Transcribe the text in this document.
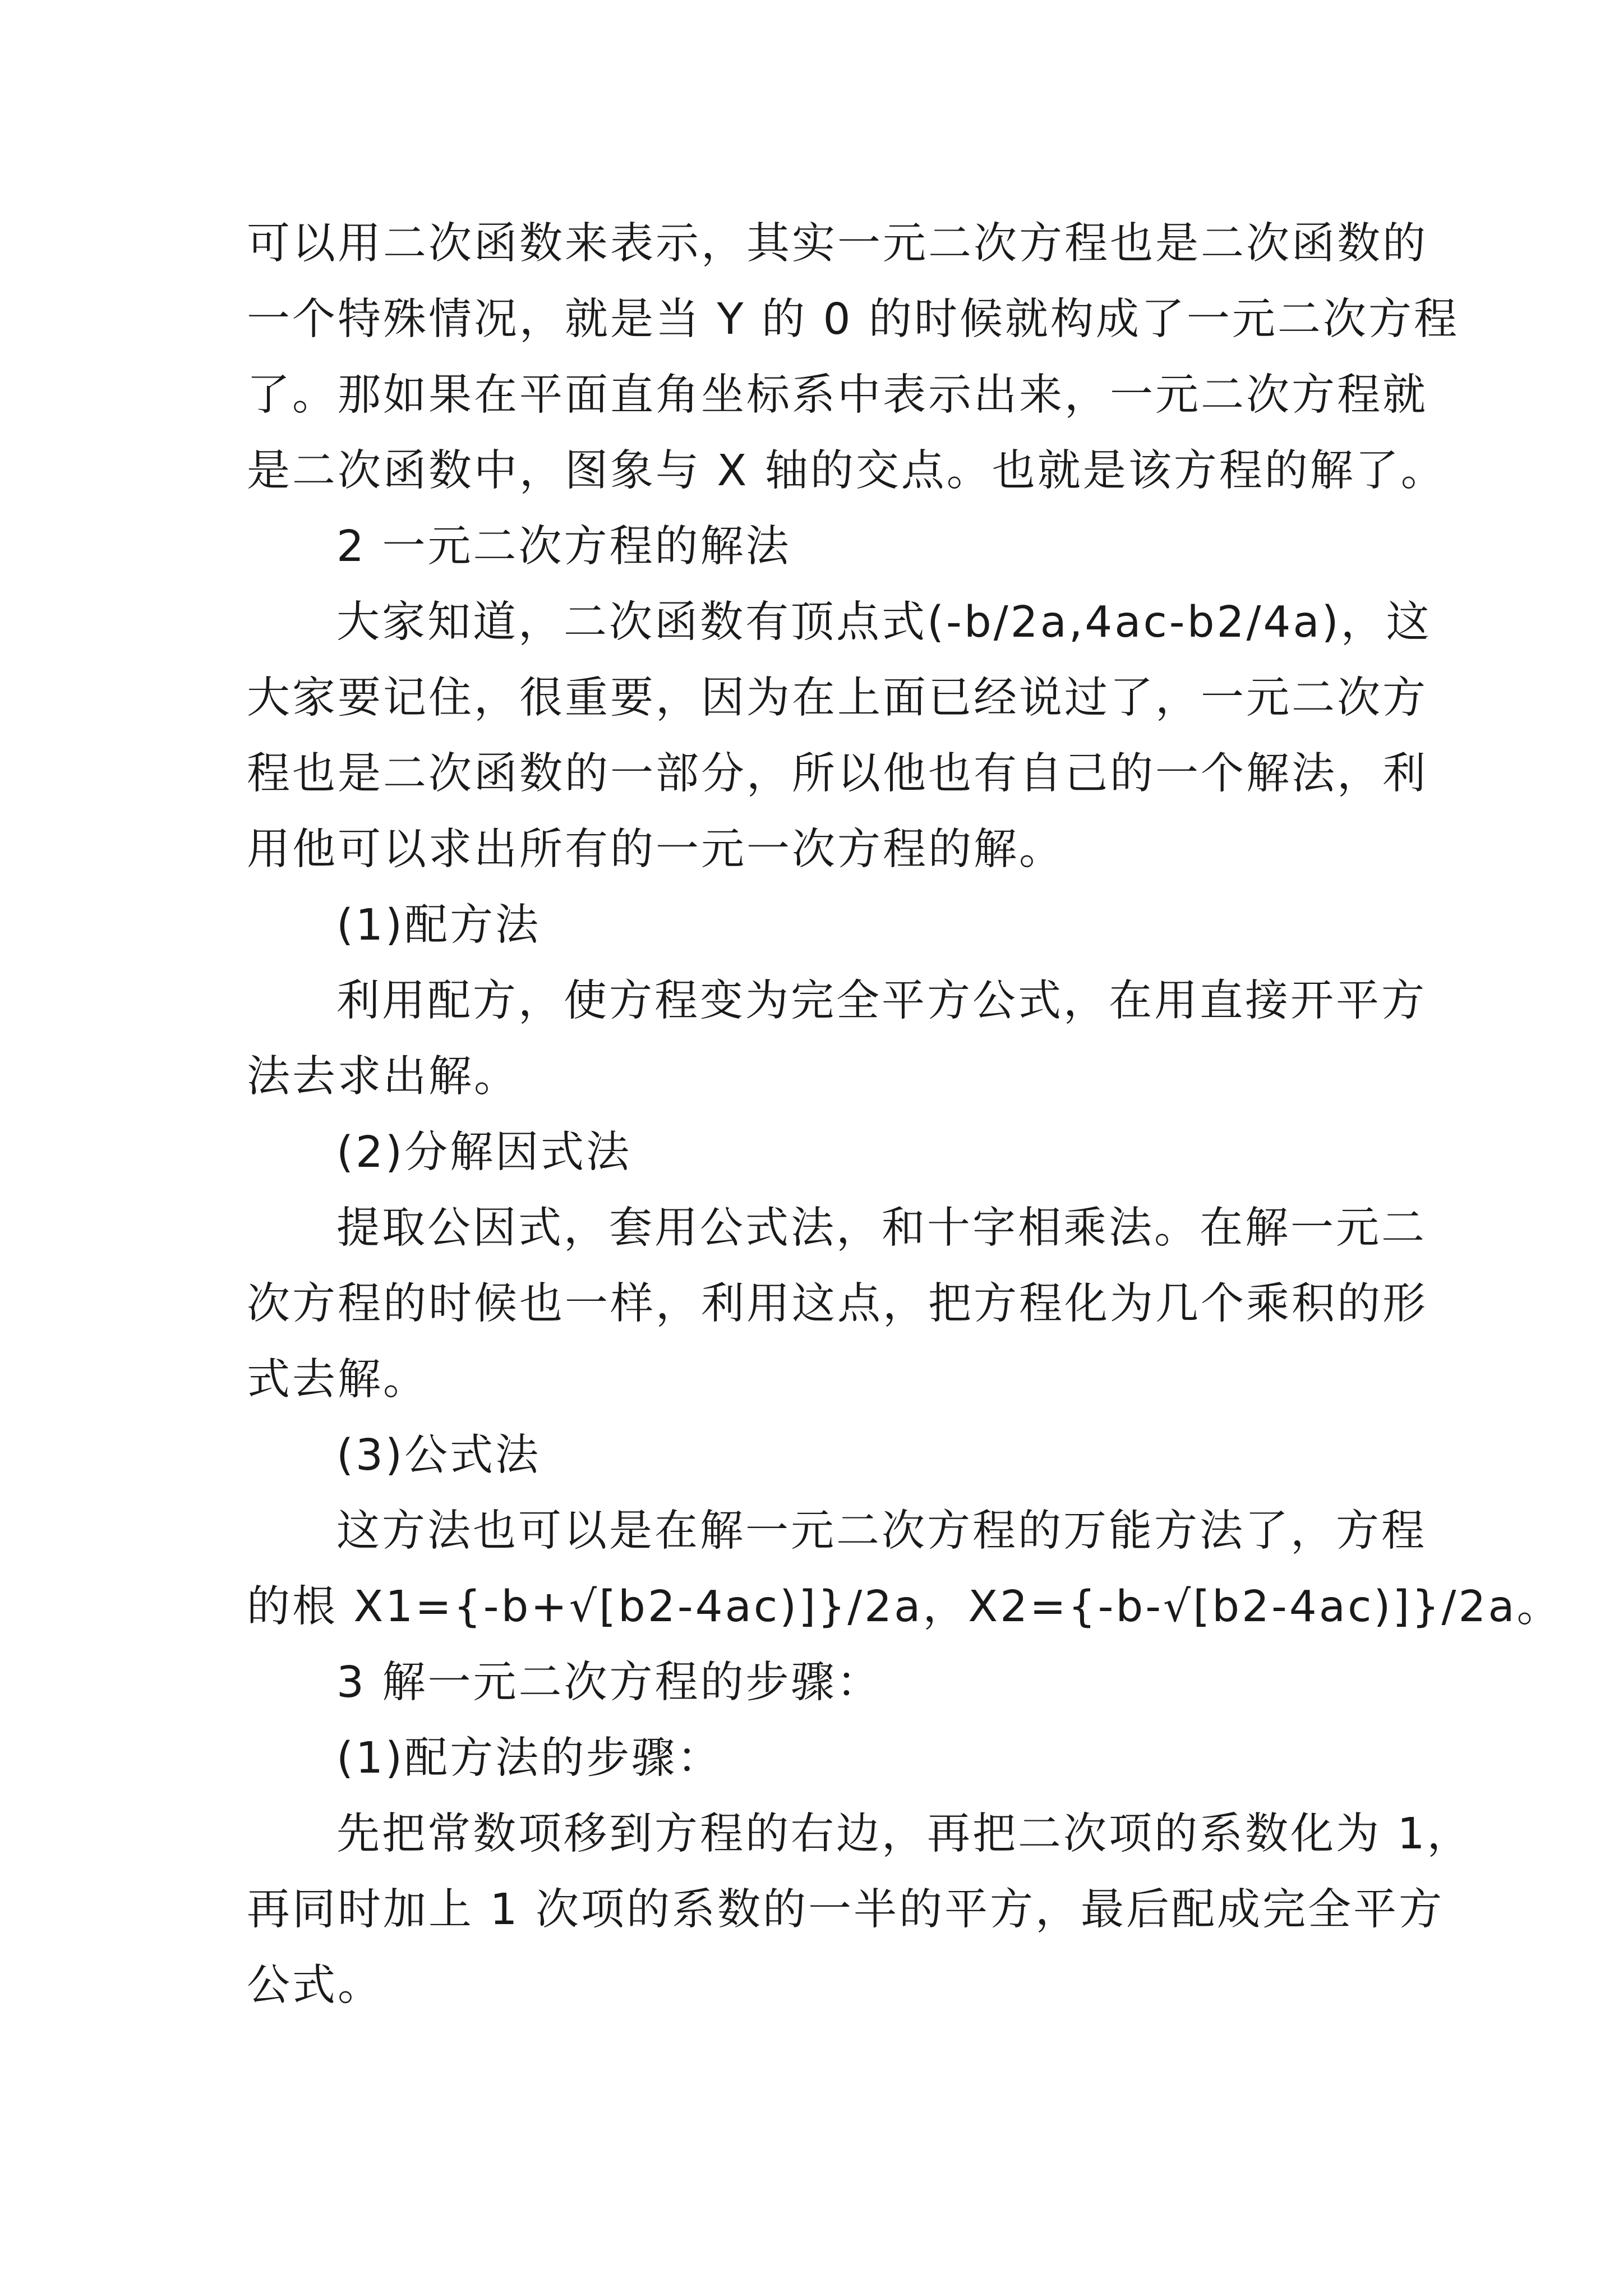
可以用二次函数来表示，其实一元二次方程也是二次函数的
一个特殊情况，就是当 Y 的 0 的时候就构成了一元二次方程
了。那如果在平面直角坐标系中表示出来，一元二次方程就
是二次函数中，图象与 X 轴的交点。也就是该方程的解了。
2 一元二次方程的解法
大家知道，二次函数有顶点式(-b/2a,4ac-b2/4a)，这
大家要记住，很重要，因为在上面已经说过了，一元二次方
程也是二次函数的一部分，所以他也有自己的一个解法，利
用他可以求出所有的一元一次方程的解。
(1)配方法
利用配方，使方程变为完全平方公式，在用直接开平方
法去求出解。
(2)分解因式法
提取公因式，套用公式法，和十字相乘法。在解一元二
次方程的时候也一样，利用这点，把方程化为几个乘积的形
式去解。
(3)公式法
这方法也可以是在解一元二次方程的万能方法了，方程
的根 X1={-b+√[b2-4ac)]}/2a，X2={-b-√[b2-4ac)]}/2a。
3 解一元二次方程的步骤：
(1)配方法的步骤：
先把常数项移到方程的右边，再把二次项的系数化为 1，
再同时加上 1 次项的系数的一半的平方，最后配成完全平方
公式。
